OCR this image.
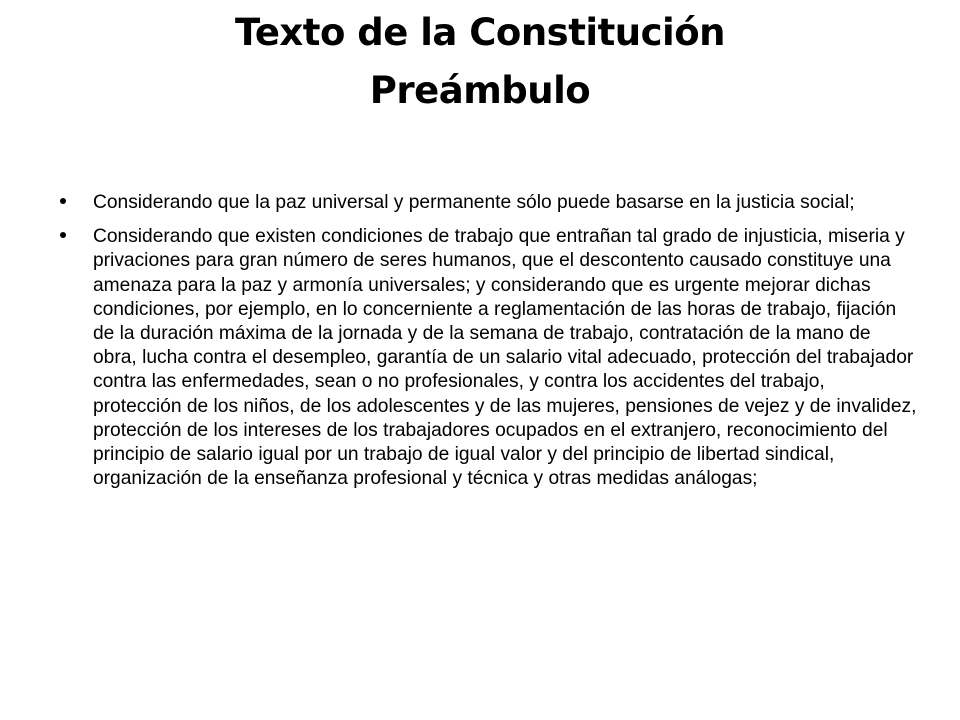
Texto de la Constitución
Preámbulo
Considerando que la paz universal y permanente sólo puede basarse en la justicia social;
Considerando que existen condiciones de trabajo que entrañan tal grado de injusticia, miseria y privaciones para gran número de seres humanos, que el descontento causado constituye una amenaza para la paz y armonía universales; y considerando que es urgente mejorar dichas condiciones, por ejemplo, en lo concerniente a reglamentación de las horas de trabajo, fijación de la duración máxima de la jornada y de la semana de trabajo, contratación de la mano de obra, lucha contra el desempleo, garantía de un salario vital adecuado, protección del trabajador contra las enfermedades, sean o no profesionales, y contra los accidentes del trabajo, protección de los niños, de los adolescentes y de las mujeres, pensiones de vejez y de invalidez, protección de los intereses de los trabajadores ocupados en el extranjero, reconocimiento del principio de salario igual por un trabajo de igual valor y del principio de libertad sindical, organización de la enseñanza profesional y técnica y otras medidas análogas;
